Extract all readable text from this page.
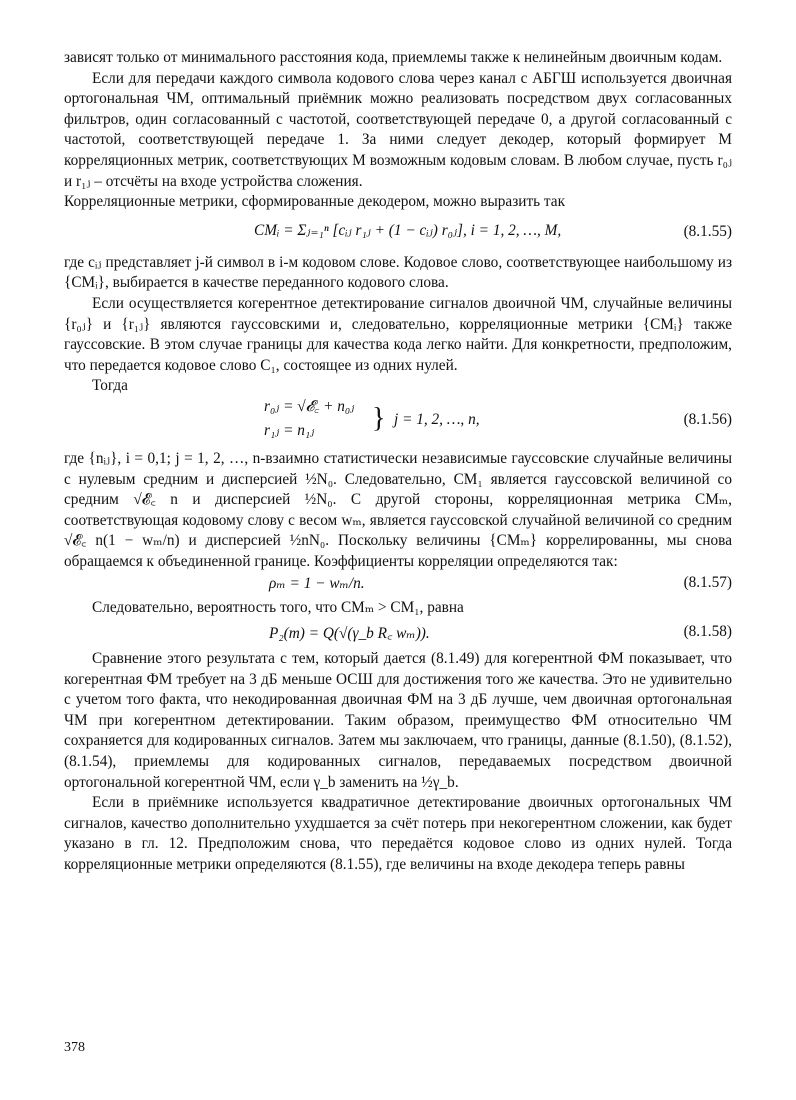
зависят только от минимального расстояния кода, приемлемы также к нелинейным двоичным кодам.

Если для передачи каждого символа кодового слова через канал с АБГШ используется двоичная ортогональная ЧМ, оптимальный приёмник можно реализовать посредством двух согласованных фильтров, один согласованный с частотой, соответствующей передаче 0, а другой согласованный с частотой, соответствующей передаче 1. За ними следует декодер, который формирует M корреляционных метрик, соответствующих M возможным кодовым словам. В любом случае, пусть r₀ⱼ и r₁ⱼ – отсчёты на входе устройства сложения.

Корреляционные метрики, сформированные декодером, можно выразить так

CMᵢ = Σⱼ₌₁ⁿ [cᵢⱼ r₁ⱼ + (1 − cᵢⱼ) r₀ⱼ], i = 1, 2, …, M,	(8.1.55)

где cᵢⱼ представляет j-й символ в i-м кодовом слове. Кодовое слово, соответствующее наибольшому из {CMᵢ}, выбирается в качестве переданного кодового слова.

Если осуществляется когерентное детектирование сигналов двоичной ЧМ, случайные величины {r₀ⱼ} и {r₁ⱼ} являются гауссовскими и, следовательно, корреляционные метрики {CMᵢ} также гауссовские. В этом случае границы для качества кода легко найти. Для конкретности, предположим, что передается кодовое слово C₁, состоящее из одних нулей.

Тогда

r₀ⱼ = √𝓔꜀ + n₀ⱼ
r₁ⱼ = n₁ⱼ } j = 1, 2, …, n,	(8.1.56)

где {nᵢⱼ}, i = 0,1; j = 1, 2, …, n-взаимно статистически независимые гауссовские случайные величины с нулевым средним и дисперсией ½N₀. Следовательно, CM₁ является гауссовской величиной со средним √𝓔꜀ n и дисперсией ½N₀. С другой стороны, корреляционная метрика CMₘ, соответствующая кодовому слову с весом wₘ, является гауссовской случайной величиной со средним √𝓔꜀ n(1 − wₘ/n) и дисперсией ½nN₀. Поскольку величины {CMₘ} коррелированны, мы снова обращаемся к объединенной границе. Коэффициенты корреляции определяются так:

ρₘ = 1 − wₘ/n.	(8.1.57)

Следовательно, вероятность того, что CMₘ > CM₁, равна

P₂(m) = Q(√(γ_b R꜀ wₘ)).	(8.1.58)

Сравнение этого результата с тем, который дается (8.1.49) для когерентной ФМ показывает, что когерентная ФМ требует на 3 дБ меньше ОСШ для достижения того же качества. Это не удивительно с учетом того факта, что некодированная двоичная ФМ на 3 дБ лучше, чем двоичная ортогональная ЧМ при когерентном детектировании. Таким образом, преимущество ФМ относительно ЧМ сохраняется для кодированных сигналов. Затем мы заключаем, что границы, данные (8.1.50), (8.1.52), (8.1.54), приемлемы для кодированных сигналов, передаваемых посредством двоичной ортогональной когерентной ЧМ, если γ_b заменить на ½γ_b.

Если в приёмнике используется квадратичное детектирование двоичных ортогональных ЧМ сигналов, качество дополнительно ухудшается за счёт потерь при некогерентном сложении, как будет указано в гл. 12. Предположим снова, что передаётся кодовое слово из одних нулей. Тогда корреляционные метрики определяются (8.1.55), где величины на входе декодера теперь равны

378
